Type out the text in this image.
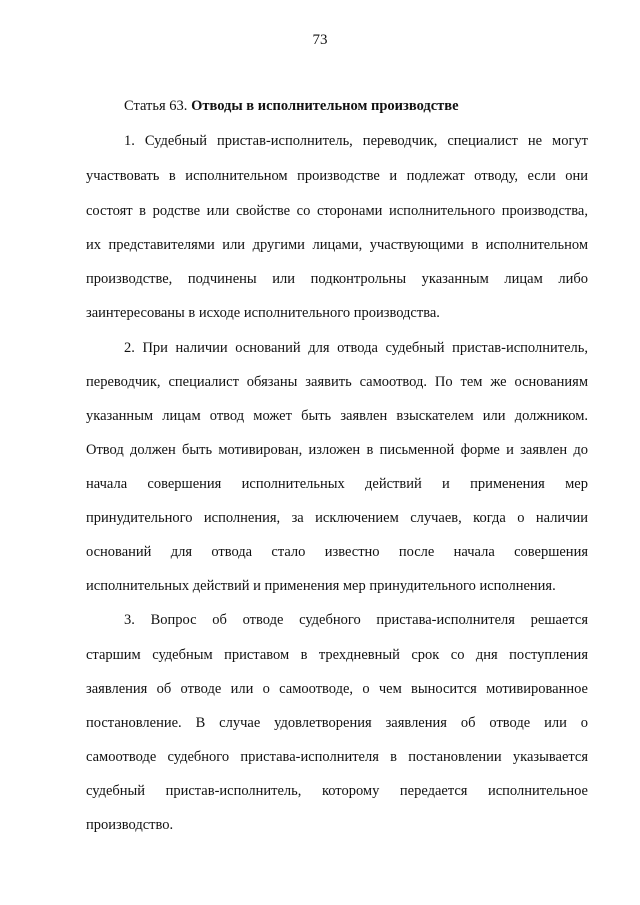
73
Статья 63. Отводы в исполнительном производстве
1. Судебный пристав-исполнитель, переводчик, специалист не могут
участвовать в исполнительном производстве и подлежат отводу, если они
состоят в родстве или свойстве со сторонами исполнительного производства,
их представителями или другими лицами, участвующими в исполнительном
производстве, подчинены или подконтрольны указанным лицам либо
заинтересованы в исходе исполнительного производства.
2. При наличии оснований для отвода судебный пристав-исполнитель,
переводчик, специалист обязаны заявить самоотвод. По тем же основаниям
указанным лицам отвод может быть заявлен взыскателем или должником.
Отвод должен быть мотивирован, изложен в письменной форме и заявлен до
начала совершения исполнительных действий и применения мер
принудительного исполнения, за исключением случаев, когда о наличии
оснований для отвода стало известно после начала совершения
исполнительных действий и применения мер принудительного исполнения.
3. Вопрос об отводе судебного пристава-исполнителя решается
старшим судебным приставом в трехдневный срок со дня поступления
заявления об отводе или о самоотводе, о чем выносится мотивированное
постановление. В случае удовлетворения заявления об отводе или о
самоотводе судебного пристава-исполнителя в постановлении указывается
судебный пристав-исполнитель, которому передается исполнительное
производство.
